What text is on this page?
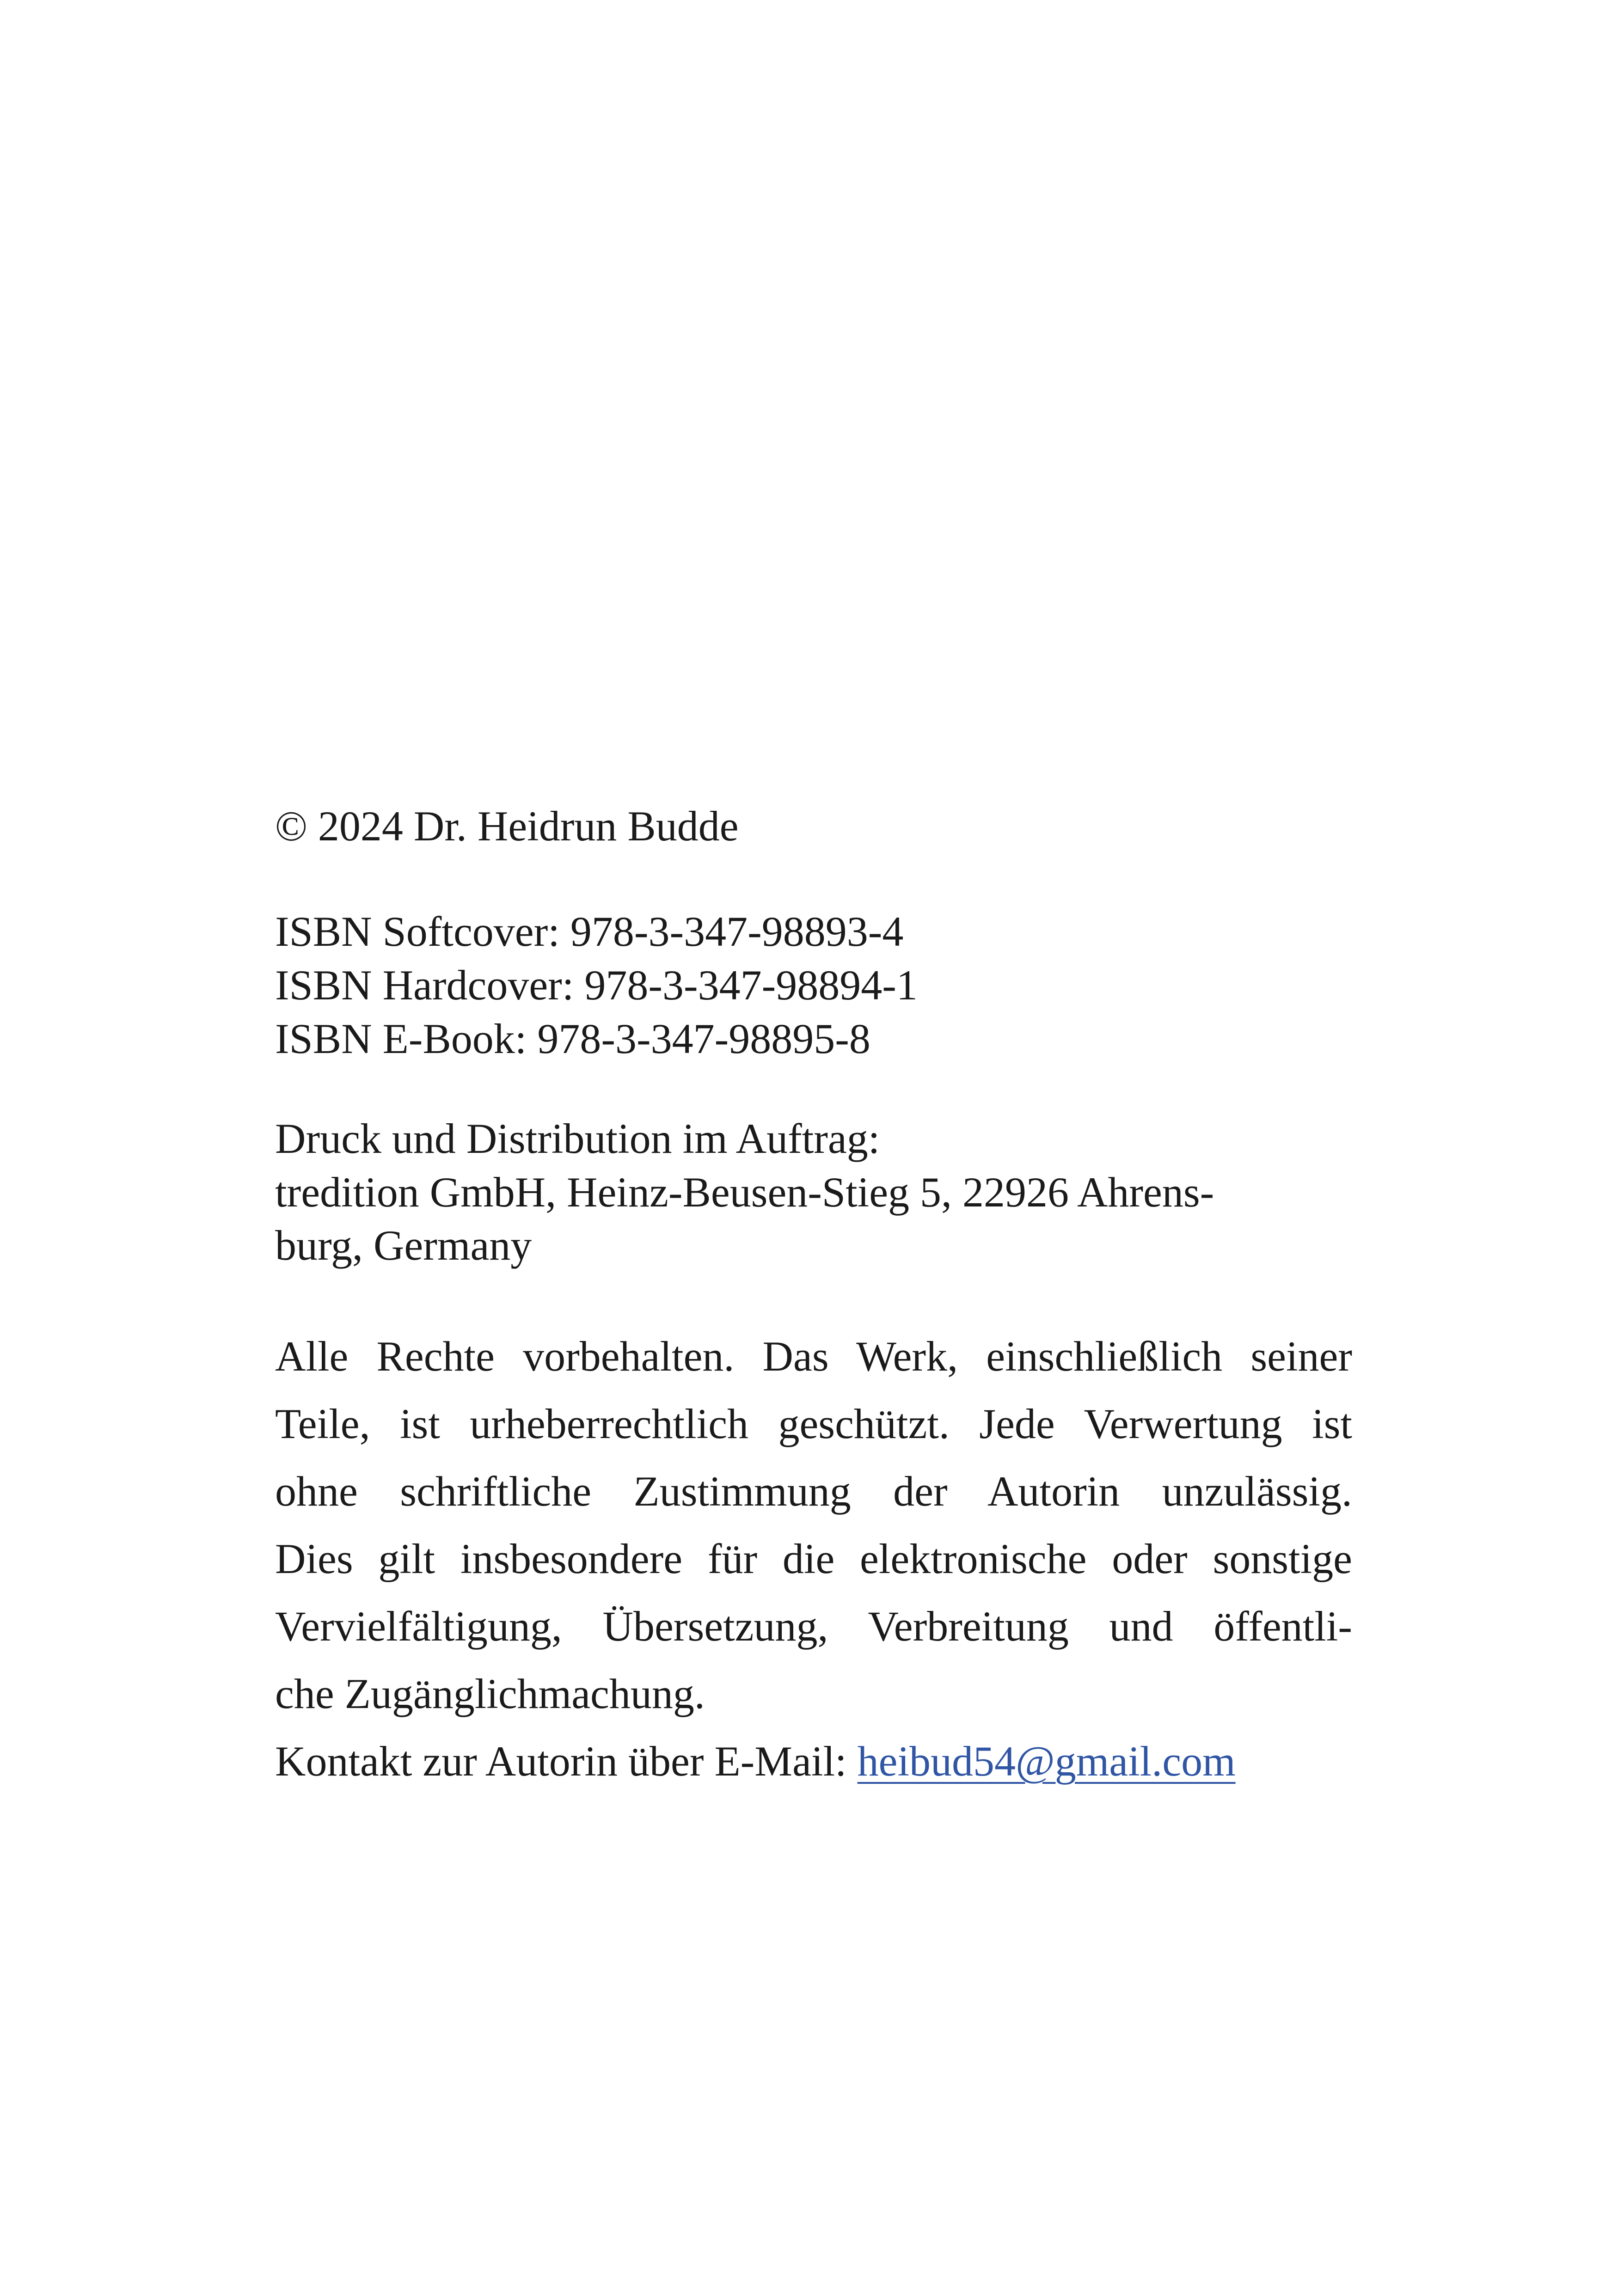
© 2024 Dr. Heidrun Budde

ISBN Softcover: 978-3-347-98893-4
ISBN Hardcover: 978-3-347-98894-1
ISBN E-Book: 978-3-347-98895-8
Druck und Distribution im Auftrag:
tredition GmbH, Heinz-Beusen-Stieg 5, 22926 Ahrens-
burg, Germany
Alle Rechte vorbehalten. Das Werk, einschließlich seiner
Teile, ist urheberrechtlich geschützt. Jede Verwertung ist
ohne schriftliche Zustimmung der Autorin unzulässig.
Dies gilt insbesondere für die elektronische oder sonstige
Vervielfältigung, Übersetzung, Verbreitung und öffentli-
che Zugänglichmachung.
Kontakt zur Autorin über E-Mail: heibud54@gmail.com
